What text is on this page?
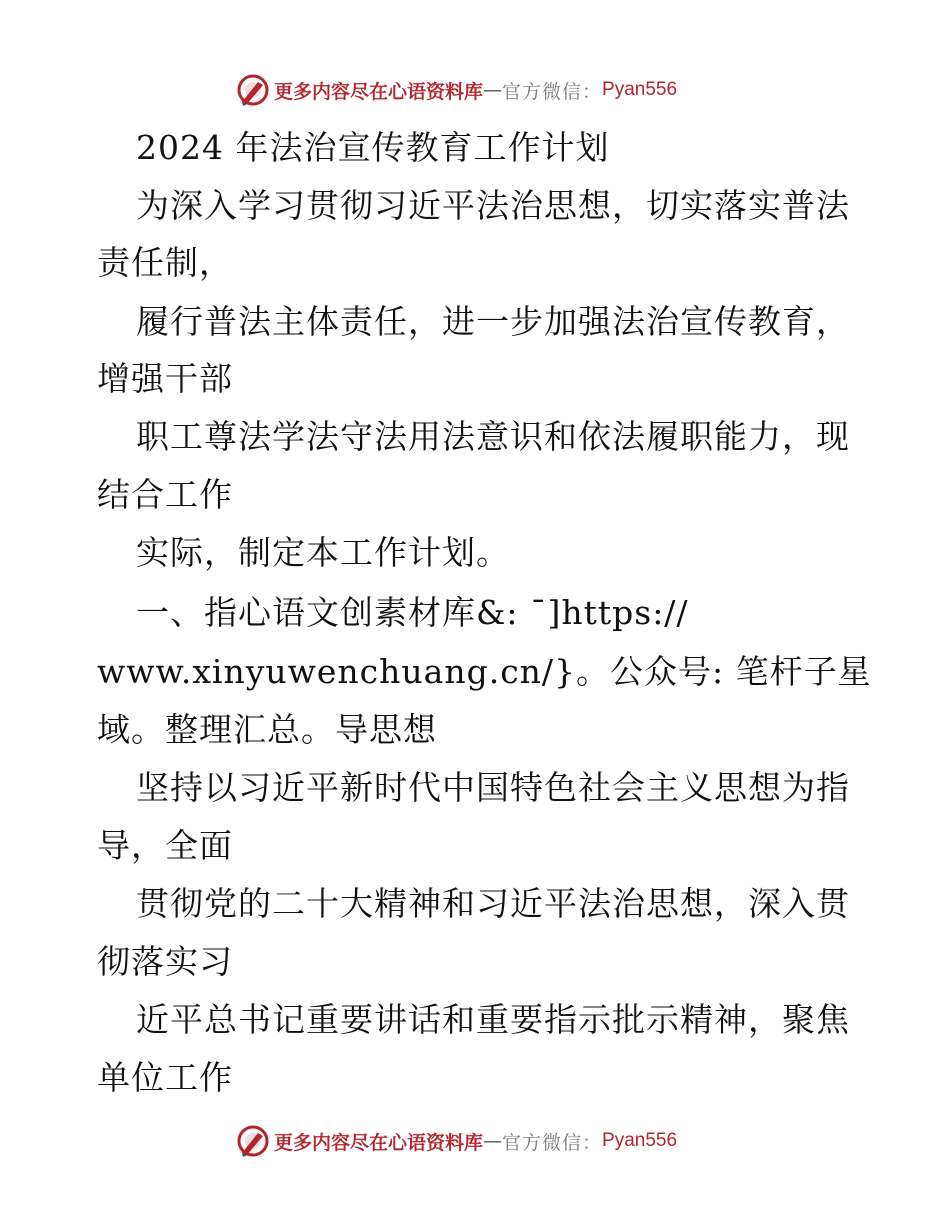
更多内容尽在心语资料库 — 官方微信： Pyan556

2024 年法治宣传教育工作计划

为深入学习贯彻习近平法治思想，切实落实普法

责任制，

履行普法主体责任，进一步加强法治宣传教育，

增强干部

职工尊法学法守法用法意识和依法履职能力，现

结合工作

实际，制定本工作计划。

一、指心语文创素材库&: ¯]https://

www.xinyuwenchuang.cn/}。公众号: 笔杆子星

域。整理汇总。导思想

坚持以习近平新时代中国特色社会主义思想为指

导，全面

贯彻党的二十大精神和习近平法治思想，深入贯

彻落实习

近平总书记重要讲话和重要指示批示精神，聚焦

单位工作

更多内容尽在心语资料库 — 官方微信： Pyan556
